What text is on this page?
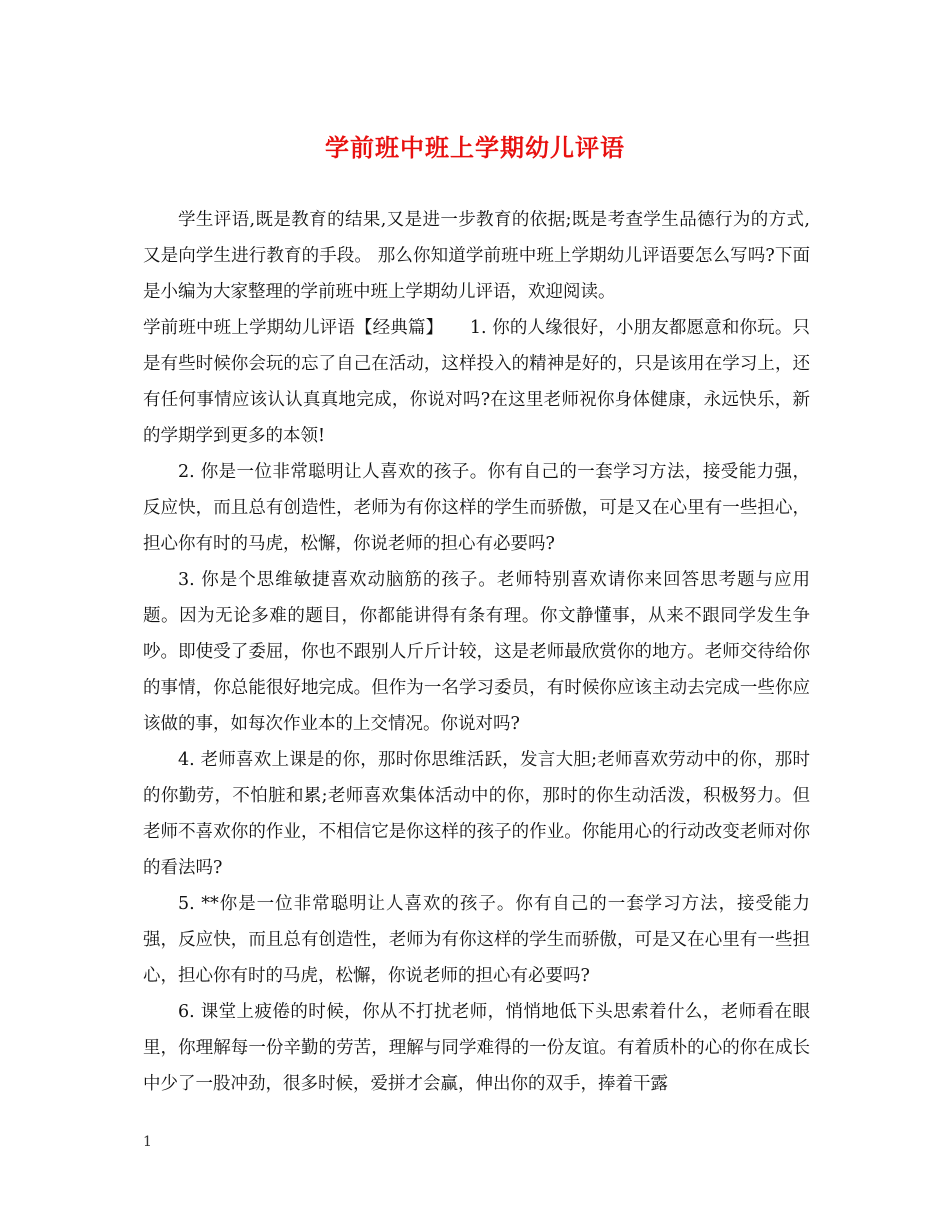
学前班中班上学期幼儿评语

学生评语,既是教育的结果,又是进一步教育的依据;既是考查学生品德行为的方式,又是向学生进行教育的手段。 那么你知道学前班中班上学期幼儿评语要怎么写吗?下面是小编为大家整理的学前班中班上学期幼儿评语，欢迎阅读。

学前班中班上学期幼儿评语【经典篇】　　1. 你的人缘很好，小朋友都愿意和你玩。只是有些时候你会玩的忘了自己在活动，这样投入的精神是好的，只是该用在学习上，还有任何事情应该认认真真地完成，你说对吗?在这里老师祝你身体健康，永远快乐，新的学期学到更多的本领!

2. 你是一位非常聪明让人喜欢的孩子。你有自己的一套学习方法，接受能力强，反应快，而且总有创造性，老师为有你这样的学生而骄傲，可是又在心里有一些担心，担心你有时的马虎，松懈，你说老师的担心有必要吗?

3. 你是个思维敏捷喜欢动脑筋的孩子。老师特别喜欢请你来回答思考题与应用题。因为无论多难的题目，你都能讲得有条有理。你文静懂事，从来不跟同学发生争吵。即使受了委屈，你也不跟别人斤斤计较，这是老师最欣赏你的地方。老师交待给你的事情，你总能很好地完成。但作为一名学习委员，有时候你应该主动去完成一些你应该做的事，如每次作业本的上交情况。你说对吗?

4. 老师喜欢上课是的你，那时你思维活跃，发言大胆;老师喜欢劳动中的你，那时的你勤劳，不怕脏和累;老师喜欢集体活动中的你，那时的你生动活泼，积极努力。但老师不喜欢你的作业，不相信它是你这样的孩子的作业。你能用心的行动改变老师对你的看法吗?

5. **你是一位非常聪明让人喜欢的孩子。你有自己的一套学习方法，接受能力强，反应快，而且总有创造性，老师为有你这样的学生而骄傲，可是又在心里有一些担心，担心你有时的马虎，松懈，你说老师的担心有必要吗?

6. 课堂上疲倦的时候，你从不打扰老师，悄悄地低下头思索着什么，老师看在眼里，你理解每一份辛勤的劳苦，理解与同学难得的一份友谊。有着质朴的心的你在成长中少了一股冲劲，很多时候，爱拼才会赢，伸出你的双手，捧着干露

1
